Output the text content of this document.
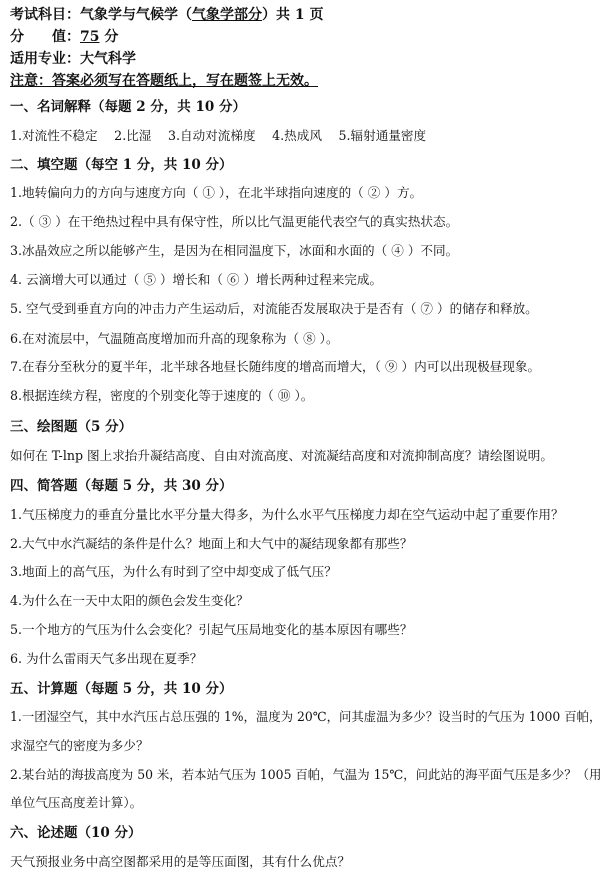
考试科目：气象学与气候学（气象学部分）共 1 页
分　　值：75 分
适用专业：大气科学
注意：答案必须写在答题纸上，写在题签上无效。
一、名词解释（每题 2 分，共 10 分）
1.对流性不稳定　 2.比湿　 3.自动对流梯度　 4.热成风　 5.辐射通量密度
二、填空题（每空 1 分，共 10 分）
1.地转偏向力的方向与速度方向（ ① ），在北半球指向速度的（ ② ）方。
2.（ ③ ）在干绝热过程中具有保守性，所以比气温更能代表空气的真实热状态。
3.冰晶效应之所以能够产生，是因为在相同温度下，冰面和水面的（ ④ ）不同。
4. 云滴增大可以通过（ ⑤ ）增长和（ ⑥ ）增长两种过程来完成。
5. 空气受到垂直方向的冲击力产生运动后，对流能否发展取决于是否有（ ⑦ ）的储存和释放。
6.在对流层中，气温随高度增加而升高的现象称为（ ⑧ ）。
7.在春分至秋分的夏半年，北半球各地昼长随纬度的增高而增大，（ ⑨ ）内可以出现极昼现象。
8.根据连续方程，密度的个别变化等于速度的（ ⑩ ）。
三、绘图题（5 分）
如何在 T-lnp 图上求抬升凝结高度、自由对流高度、对流凝结高度和对流抑制高度？请绘图说明。
四、简答题（每题 5 分，共 30 分）
1.气压梯度力的垂直分量比水平分量大得多，为什么水平气压梯度力却在空气运动中起了重要作用？
2.大气中水汽凝结的条件是什么？地面上和大气中的凝结现象都有那些？
3.地面上的高气压，为什么有时到了空中却变成了低气压？
4.为什么在一天中太阳的颜色会发生变化？
5.一个地方的气压为什么会变化？引起气压局地变化的基本原因有哪些？
6. 为什么雷雨天气多出现在夏季？
五、计算题（每题 5 分，共 10 分）
1.一团湿空气，其中水汽压占总压强的 1%，温度为 20℃，问其虚温为多少？设当时的气压为 1000 百帕，
求湿空气的密度为多少？
2.某台站的海拔高度为 50 米，若本站气压为 1005 百帕，气温为 15℃，问此站的海平面气压是多少？（用
单位气压高度差计算）。
六、论述题（10 分）
天气预报业务中高空图都采用的是等压面图，其有什么优点？
